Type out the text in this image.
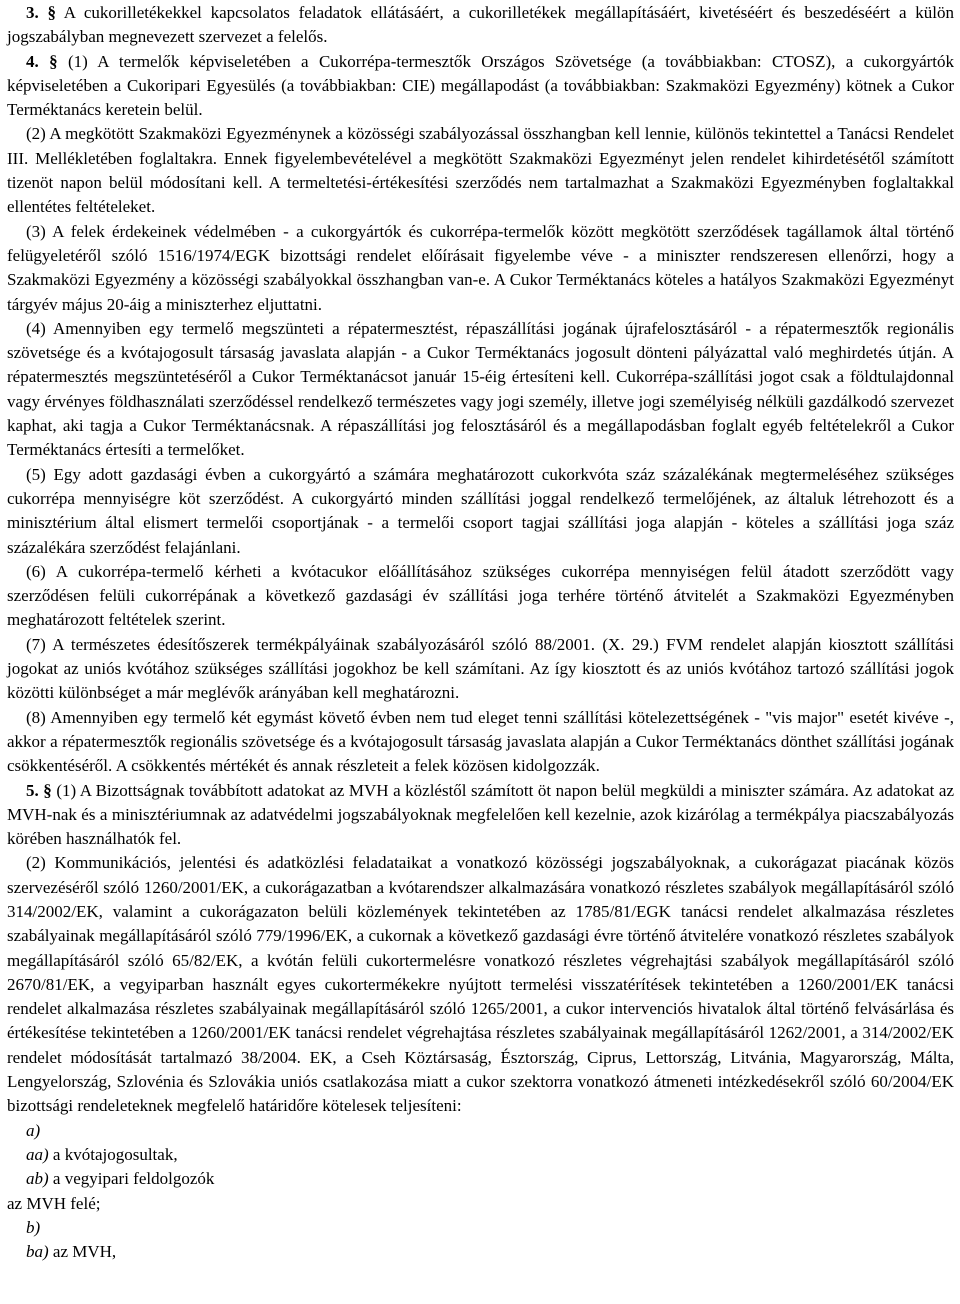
3. § A cukorilletékekkel kapcsolatos feladatok ellátásáért, a cukorilletékek megállapításáért, kivetéséért és beszedéséért a külön jogszabályban megnevezett szervezet a felelős.

4. § (1) A termelők képviseletében a Cukorrépa-termesztők Országos Szövetsége (a továbbiakban: CTOSZ), a cukorgyártók képviseletében a Cukoripari Egyesülés (a továbbiakban: CIE) megállapodást (a továbbiakban: Szakmaközi Egyezmény) kötnek a Cukor Terméktanács keretein belül.

(2) A megkötött Szakmaközi Egyezménynek a közösségi szabályozással összhangban kell lennie, különös tekintettel a Tanácsi Rendelet III. Mellékletében foglaltakra. Ennek figyelembevételével a megkötött Szakmaközi Egyezményt jelen rendelet kihirdetésétől számított tizenöt napon belül módosítani kell. A termeltetési-értékesítési szerződés nem tartalmazhat a Szakmaközi Egyezményben foglaltakkal ellentétes feltételeket.

(3) A felek érdekeinek védelmében - a cukorgyártók és cukorrépa-termelők között megkötött szerződések tagállamok által történő felügyeletéről szóló 1516/1974/EGK bizottsági rendelet előírásait figyelembe véve - a miniszter rendszeresen ellenőrzi, hogy a Szakmaközi Egyezmény a közösségi szabályokkal összhangban van-e. A Cukor Terméktanács köteles a hatályos Szakmaközi Egyezményt tárgyév május 20-áig a miniszterhez eljuttatni.

(4) Amennyiben egy termelő megszünteti a répatermesztést, répaszállítási jogának újrafelosztásáról - a répatermesztők regionális szövetsége és a kvótajogosult társaság javaslata alapján - a Cukor Terméktanács jogosult dönteni pályázattal való meghirdetés útján. A répatermesztés megszüntetéséről a Cukor Terméktanácsot január 15-éig értesíteni kell. Cukorrépa-szállítási jogot csak a földtulajdonnal vagy érvényes földhasználati szerződéssel rendelkező természetes vagy jogi személy, illetve jogi személyiség nélküli gazdálkodó szervezet kaphat, aki tagja a Cukor Terméktanácsnak. A répaszállítási jog felosztásáról és a megállapodásban foglalt egyéb feltételekről a Cukor Terméktanács értesíti a termelőket.

(5) Egy adott gazdasági évben a cukorgyártó a számára meghatározott cukorkvóta száz százalékának megtermeléséhez szükséges cukorrépa mennyiségre köt szerződést. A cukorgyártó minden szállítási joggal rendelkező termelőjének, az általuk létrehozott és a minisztérium által elismert termelői csoportjának - a termelői csoport tagjai szállítási joga alapján - köteles a szállítási joga száz százalékára szerződést felajánlani.

(6) A cukorrépa-termelő kérheti a kvótacukor előállításához szükséges cukorrépa mennyiségen felül átadott szerződött vagy szerződésen felüli cukorrépának a következő gazdasági év szállítási joga terhére történő átvitelét a Szakmaközi Egyezményben meghatározott feltételek szerint.

(7) A természetes édesítőszerek termékpályáinak szabályozásáról szóló 88/2001. (X. 29.) FVM rendelet alapján kiosztott szállítási jogokat az uniós kvótához szükséges szállítási jogokhoz be kell számítani. Az így kiosztott és az uniós kvótához tartozó szállítási jogok közötti különbséget a már meglévők arányában kell meghatározni.

(8) Amennyiben egy termelő két egymást követő évben nem tud eleget tenni szállítási kötelezettségének - "vis major" esetét kivéve -, akkor a répatermesztők regionális szövetsége és a kvótajogosult társaság javaslata alapján a Cukor Terméktanács dönthet szállítási jogának csökkentéséről. A csökkentés mértékét és annak részleteit a felek közösen kidolgozzák.

5. § (1) A Bizottságnak továbbított adatokat az MVH a közléstől számított öt napon belül megküldi a miniszter számára. Az adatokat az MVH-nak és a minisztériumnak az adatvédelmi jogszabályoknak megfelelően kell kezelnie, azok kizárólag a termékpálya piacszabályozás körében használhatók fel.

(2) Kommunikációs, jelentési és adatközlési feladataikat a vonatkozó közösségi jogszabályoknak, a cukorágazat piacának közös szervezéséről szóló 1260/2001/EK, a cukorágazatban a kvótarendszer alkalmazására vonatkozó részletes szabályok megállapításáról szóló 314/2002/EK, valamint a cukorágazaton belüli közlemények tekintetében az 1785/81/EGK tanácsi rendelet alkalmazása részletes szabályainak megállapításáról szóló 779/1996/EK, a cukornak a következő gazdasági évre történő átvitelére vonatkozó részletes szabályok megállapításáról szóló 65/82/EK, a kvótán felüli cukortermelésre vonatkozó részletes végrehajtási szabályok megállapításáról szóló 2670/81/EK, a vegyiparban használt egyes cukortermékekre nyújtott termelési visszatérítések tekintetében a 1260/2001/EK tanácsi rendelet alkalmazása részletes szabályainak megállapításáról szóló 1265/2001, a cukor intervenciós hivatalok által történő felvásárlása és értékesítése tekintetében a 1260/2001/EK tanácsi rendelet végrehajtása részletes szabályainak megállapításáról 1262/2001, a 314/2002/EK rendelet módosítását tartalmazó 38/2004. EK, a Cseh Köztársaság, Észtország, Ciprus, Lettország, Litvánia, Magyarország, Málta, Lengyelország, Szlovénia és Szlovákia uniós csatlakozása miatt a cukor szektorra vonatkozó átmeneti intézkedésekről szóló 60/2004/EK bizottsági rendeleteknek megfelelő határidőre kötelesek teljesíteni:

a)

aa) a kvótajogosultak,

ab) a vegyipari feldolgozók

az MVH felé;

b)

ba) az MVH,
